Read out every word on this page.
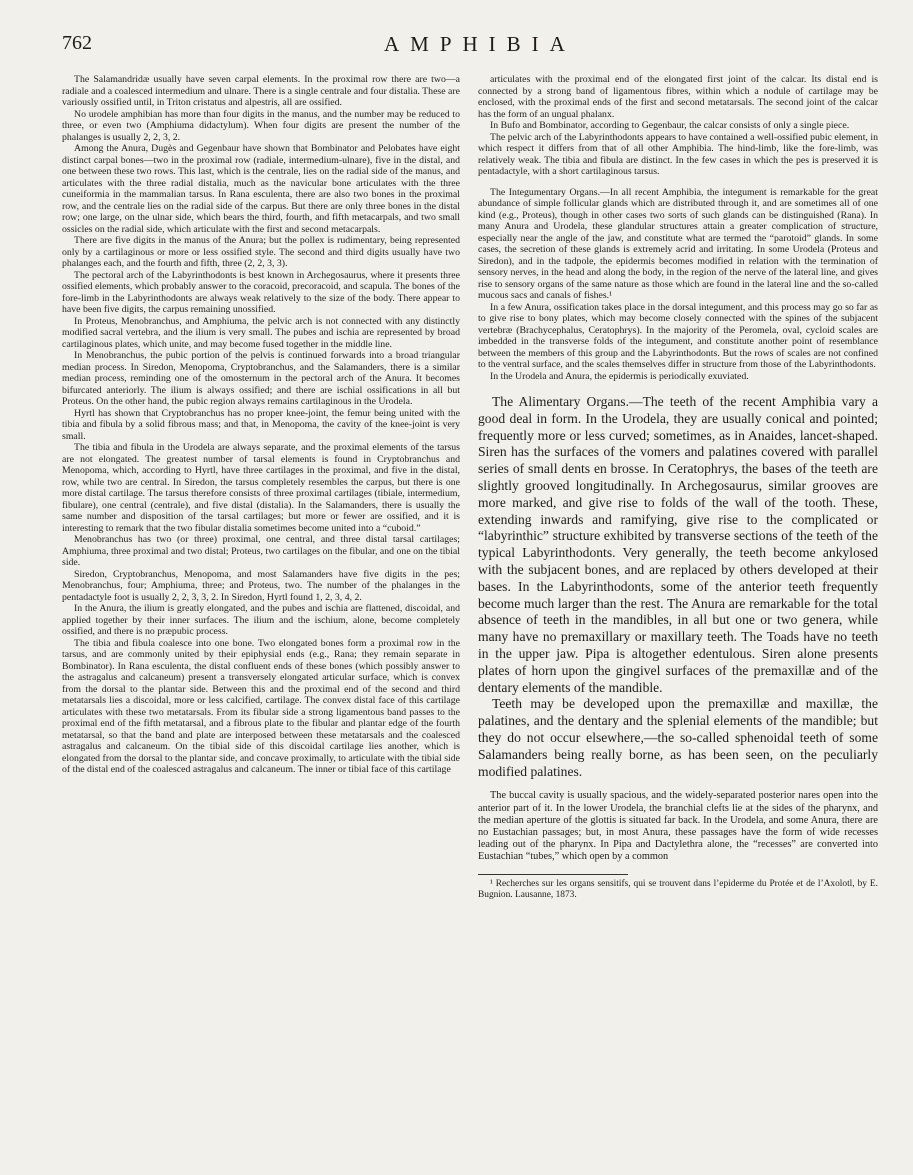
762	AMPHIBIA

The Salamandridæ usually have seven carpal elements. In the proximal row there are two—a radiale and a coalesced intermedium and ulnare. There is a single centrale and four distalia. These are variously ossified until, in Triton cristatus and alpestris, all are ossified.

No urodele amphibian has more than four digits in the manus, and the number may be reduced to three, or even two (Amphiuma didactylum). When four digits are present the number of the phalanges is usually 2, 2, 3, 2.

Among the Anura, Dugès and Gegenbaur have shown that Bombinator and Pelobates have eight distinct carpal bones—two in the proximal row (radiale, intermedium-ulnare), five in the distal, and one between these two rows. This last, which is the centrale, lies on the radial side of the manus, and articulates with the three radial distalia, much as the navicular bone articulates with the three cuneiformia in the mammalian tarsus. In Rana esculenta, there are also two bones in the proximal row, and the centrale lies on the radial side of the carpus. But there are only three bones in the distal row; one large, on the ulnar side, which bears the third, fourth, and fifth metacarpals, and two small ossicles on the radial side, which articulate with the first and second metacarpals.

There are five digits in the manus of the Anura; but the pollex is rudimentary, being represented only by a cartilaginous or more or less ossified style. The second and third digits usually have two phalanges each, and the fourth and fifth, three (2, 2, 3, 3).

The pectoral arch of the Labyrinthodonts is best known in Archegosaurus, where it presents three ossified elements, which probably answer to the coracoid, precoracoid, and scapula. The bones of the fore-limb in the Labyrinthodonts are always weak relatively to the size of the body. There appear to have been five digits, the carpus remaining unossified.

In Proteus, Menobranchus, and Amphiuma, the pelvic arch is not connected with any distinctly modified sacral vertebra, and the ilium is very small. The pubes and ischia are represented by broad cartilaginous plates, which unite, and may become fused together in the middle line.

In Menobranchus, the pubic portion of the pelvis is continued forwards into a broad triangular median process. In Siredon, Menopoma, Cryptobranchus, and the Salamanders, there is a similar median process, reminding one of the omosternum in the pectoral arch of the Anura. It becomes bifurcated anteriorly. The ilium is always ossified; and there are ischial ossifications in all but Proteus. On the other hand, the pubic region always remains cartilaginous in the Urodela.

Hyrtl has shown that Cryptobranchus has no proper knee-joint, the femur being united with the tibia and fibula by a solid fibrous mass; and that, in Menopoma, the cavity of the knee-joint is very small.

The tibia and fibula in the Urodela are always separate, and the proximal elements of the tarsus are not elongated. The greatest number of tarsal elements is found in Cryptobranchus and Menopoma, which, according to Hyrtl, have three cartilages in the proximal, and five in the distal, row, while two are central. In Siredon, the tarsus completely resembles the carpus, but there is one more distal cartilage. The tarsus therefore consists of three proximal cartilages (tibiale, intermedium, fibulare), one central (centrale), and five distal (distalia). In the Salamanders, there is usually the same number and disposition of the tarsal cartilages; but more or fewer are ossified, and it is interesting to remark that the two fibular distalia sometimes become united into a “cuboid.”

Menobranchus has two (or three) proximal, one central, and three distal tarsal cartilages; Amphiuma, three proximal and two distal; Proteus, two cartilages on the fibular, and one on the tibial side.

Siredon, Cryptobranchus, Menopoma, and most Salamanders have five digits in the pes; Menobranchus, four; Amphiuma, three; and Proteus, two. The number of the phalanges in the pentadactyle foot is usually 2, 2, 3, 3, 2. In Siredon, Hyrtl found 1, 2, 3, 4, 2.

In the Anura, the ilium is greatly elongated, and the pubes and ischia are flattened, discoidal, and applied together by their inner surfaces. The ilium and the ischium, alone, become completely ossified, and there is no præpubic process.

The tibia and fibula coalesce into one bone. Two elongated bones form a proximal row in the tarsus, and are commonly united by their epiphysial ends (e.g., Rana; they remain separate in Bombinator). In Rana esculenta, the distal confluent ends of these bones (which possibly answer to the astragalus and calcaneum) present a transversely elongated articular surface, which is convex from the dorsal to the plantar side. Between this and the proximal end of the second and third metatarsals lies a discoidal, more or less calcified, cartilage. The convex distal face of this cartilage articulates with these two metatarsals. From its fibular side a strong ligamentous band passes to the proximal end of the fifth metatarsal, and a fibrous plate to the fibular and plantar edge of the fourth metatarsal, so that the band and plate are interposed between these metatarsals and the coalesced astragalus and calcaneum. On the tibial side of this discoidal cartilage lies another, which is elongated from the dorsal to the plantar side, and concave proximally, to articulate with the tibial side of the distal end of the coalesced astragalus and calcaneum. The inner or tibial face of this cartilage

articulates with the proximal end of the elongated first joint of the calcar. Its distal end is connected by a strong band of ligamentous fibres, within which a nodule of cartilage may be enclosed, with the proximal ends of the first and second metatarsals. The second joint of the calcar has the form of an ungual phalanx.

In Bufo and Bombinator, according to Gegenbaur, the calcar consists of only a single piece.

The pelvic arch of the Labyrinthodonts appears to have contained a well-ossified pubic element, in which respect it differs from that of all other Amphibia. The hind-limb, like the fore-limb, was relatively weak. The tibia and fibula are distinct. In the few cases in which the pes is preserved it is pentadactyle, with a short cartilaginous tarsus.

The Integumentary Organs.—In all recent Amphibia, the integument is remarkable for the great abundance of simple follicular glands which are distributed through it, and are sometimes all of one kind (e.g., Proteus), though in other cases two sorts of such glands can be distinguished (Rana). In many Anura and Urodela, these glandular structures attain a greater complication of structure, especially near the angle of the jaw, and constitute what are termed the “parotoid” glands. In some cases, the secretion of these glands is extremely acrid and irritating. In some Urodela (Proteus and Siredon), and in the tadpole, the epidermis becomes modified in relation with the termination of sensory nerves, in the head and along the body, in the region of the nerve of the lateral line, and gives rise to sensory organs of the same nature as those which are found in the lateral line and the so-called mucous sacs and canals of fishes.¹

In a few Anura, ossification takes place in the dorsal integument, and this process may go so far as to give rise to bony plates, which may become closely connected with the spines of the subjacent vertebræ (Brachycephalus, Ceratophrys). In the majority of the Peromela, oval, cycloid scales are imbedded in the transverse folds of the integument, and constitute another point of resemblance between the members of this group and the Labyrinthodonts. But the rows of scales are not confined to the ventral surface, and the scales themselves differ in structure from those of the Labyrinthodonts.

In the Urodela and Anura, the epidermis is periodically exuviated.

The Alimentary Organs.—The teeth of the recent Amphibia vary a good deal in form. In the Urodela, they are usually conical and pointed; frequently more or less curved; sometimes, as in Anaides, lancet-shaped. Siren has the surfaces of the vomers and palatines covered with parallel series of small dents en brosse. In Ceratophrys, the bases of the teeth are slightly grooved longitudinally. In Archegosaurus, similar grooves are more marked, and give rise to folds of the wall of the tooth. These, extending inwards and ramifying, give rise to the complicated or “labyrinthic” structure exhibited by transverse sections of the teeth of the typical Labyrinthodonts. Very generally, the teeth become ankylosed with the subjacent bones, and are replaced by others developed at their bases. In the Labyrinthodonts, some of the anterior teeth frequently become much larger than the rest. The Anura are remarkable for the total absence of teeth in the mandibles, in all but one or two genera, while many have no premaxillary or maxillary teeth. The Toads have no teeth in the upper jaw. Pipa is altogether edentulous. Siren alone presents plates of horn upon the gingivel surfaces of the premaxillæ and of the dentary elements of the mandible.

Teeth may be developed upon the premaxillæ and maxillæ, the palatines, and the dentary and the splenial elements of the mandible; but they do not occur elsewhere,—the so-called sphenoidal teeth of some Salamanders being really borne, as has been seen, on the peculiarly modified palatines.

The buccal cavity is usually spacious, and the widely-separated posterior nares open into the anterior part of it. In the lower Urodela, the branchial clefts lie at the sides of the pharynx, and the median aperture of the glottis is situated far back. In the Urodela, and some Anura, there are no Eustachian passages; but, in most Anura, these passages have the form of wide recesses leading out of the pharynx. In Pipa and Dactylethra alone, the “recesses” are converted into Eustachian “tubes,” which open by a common

¹ Recherches sur les organs sensitifs, qui se trouvent dans l’epiderme du Protée et de l’Axolotl, by E. Bugnion. Lausanne, 1873.
